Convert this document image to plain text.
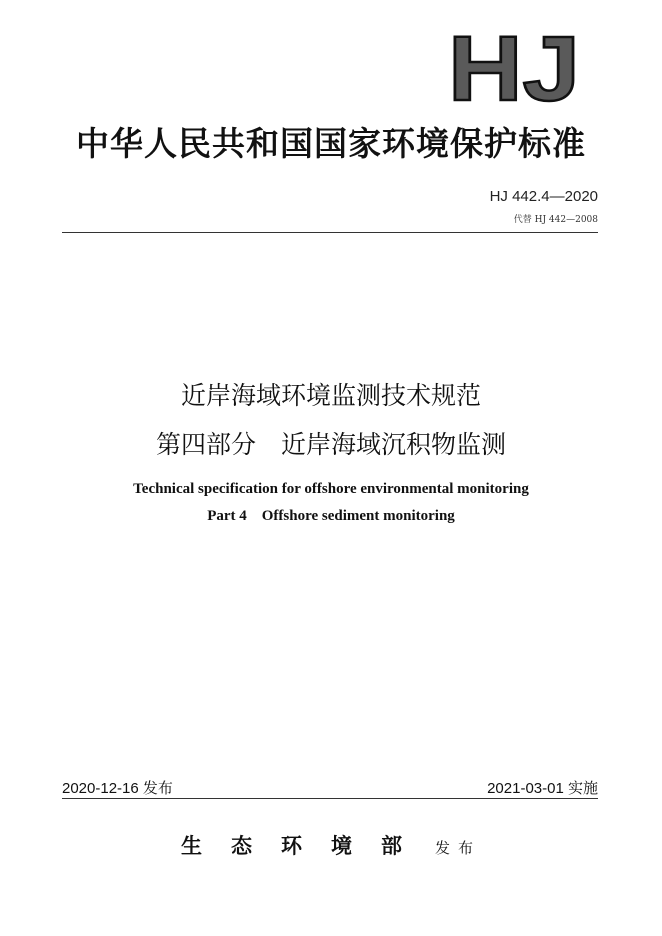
HJ
中华人民共和国国家环境保护标准
HJ 442.4—2020
代替 HJ 442—2008
近岸海域环境监测技术规范
第四部分　近岸海域沉积物监测
Technical specification for offshore environmental monitoring
Part 4    Offshore sediment monitoring
2020-12-16 发布	2021-03-01 实施
生态环境部 发布
